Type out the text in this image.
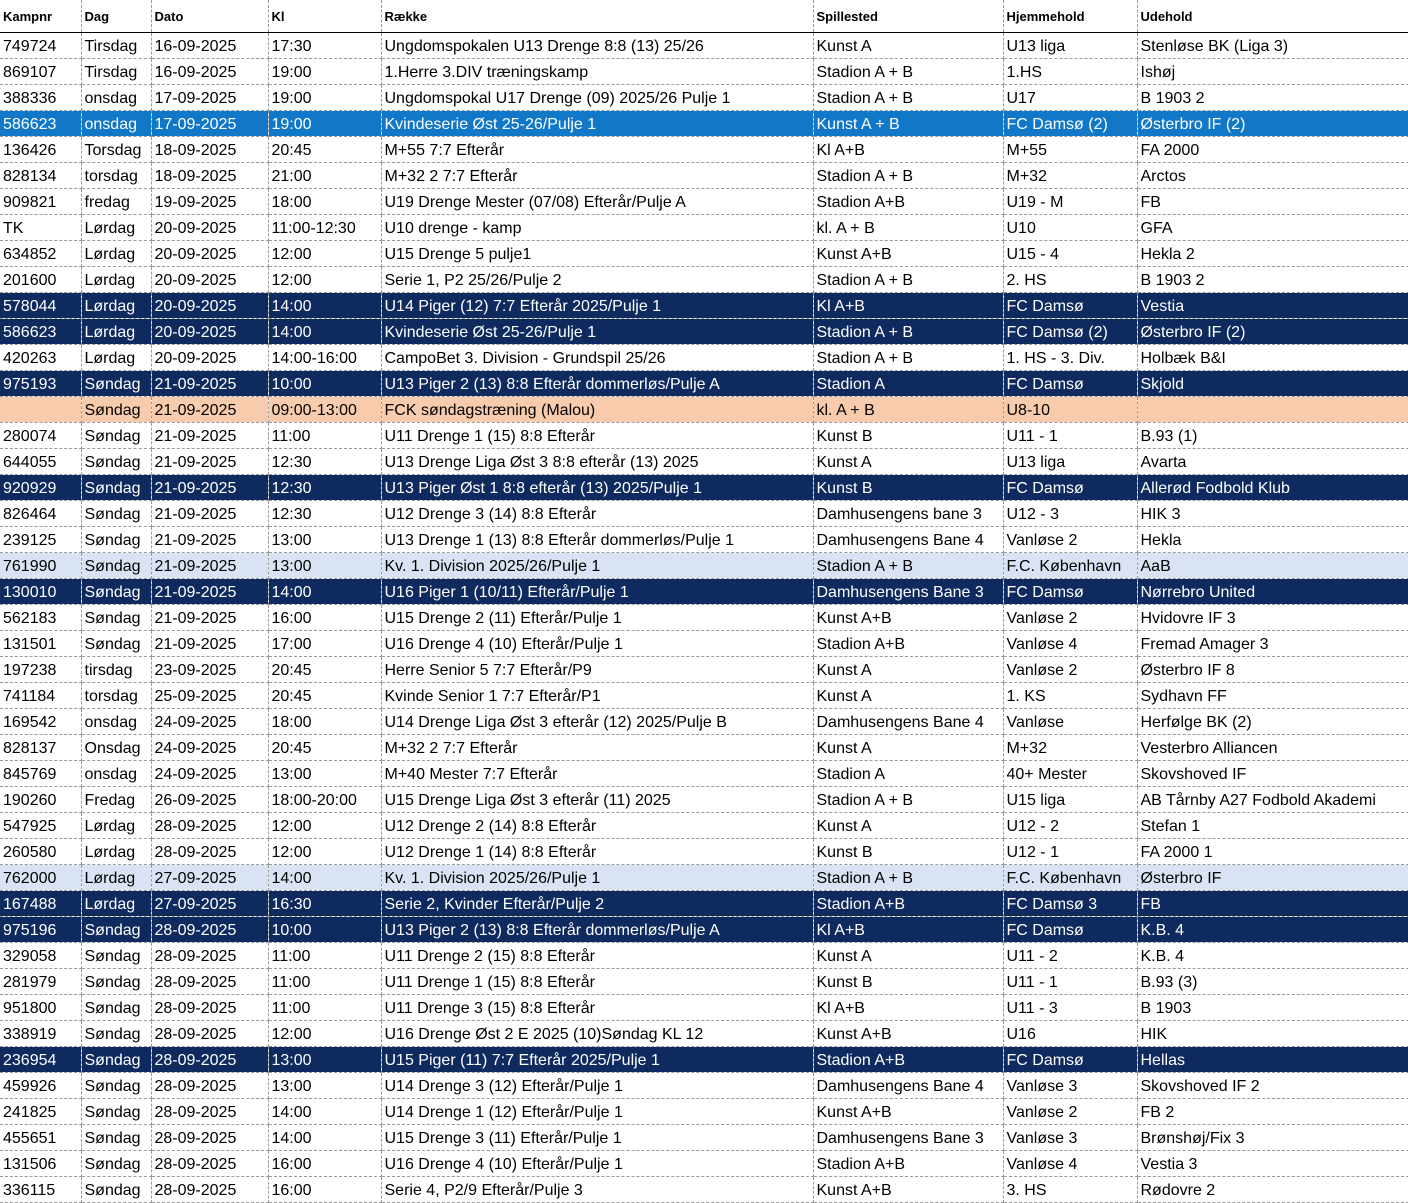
Kampnr	Dag	Dato	Kl	Række	Spillested	Hjemmehold	Udehold
749724	Tirsdag	16-09-2025	17:30	Ungdomspokalen U13 Drenge 8:8 (13) 25/26	Kunst A	U13 liga	Stenløse BK (Liga 3)
869107	Tirsdag	16-09-2025	19:00	1.Herre 3.DIV træningskamp	Stadion A + B	1.HS	Ishøj
388336	onsdag	17-09-2025	19:00	Ungdomspokal U17 Drenge (09) 2025/26 Pulje 1	Stadion A + B	U17	B 1903 2
586623	onsdag	17-09-2025	19:00	Kvindeserie Øst 25-26/Pulje 1	Kunst A + B	FC Damsø (2)	Østerbro IF (2)
136426	Torsdag	18-09-2025	20:45	M+55 7:7 Efterår	Kl A+B	M+55	FA 2000
828134	torsdag	18-09-2025	21:00	M+32 2 7:7 Efterår	Stadion A + B	M+32	Arctos
909821	fredag	19-09-2025	18:00	U19 Drenge Mester (07/08) Efterår/Pulje A	Stadion A+B	U19 - M	FB
TK	Lørdag	20-09-2025	11:00-12:30	U10 drenge - kamp	kl. A + B	U10	GFA
634852	Lørdag	20-09-2025	12:00	U15 Drenge 5 pulje1	Kunst A+B	U15 - 4	Hekla 2
201600	Lørdag	20-09-2025	12:00	Serie 1, P2 25/26/Pulje 2	Stadion A + B	2. HS	B 1903 2
578044	Lørdag	20-09-2025	14:00	U14 Piger (12) 7:7 Efterår 2025/Pulje 1	Kl A+B	FC Damsø	Vestia
586623	Lørdag	20-09-2025	14:00	Kvindeserie Øst 25-26/Pulje 1	Stadion A + B	FC Damsø (2)	Østerbro IF (2)
420263	Lørdag	20-09-2025	14:00-16:00	CampoBet 3. Division - Grundspil 25/26	Stadion A + B	1. HS - 3. Div.	Holbæk B&I
975193	Søndag	21-09-2025	10:00	U13 Piger 2 (13) 8:8 Efterår dommerløs/Pulje A	Stadion A	FC Damsø	Skjold
	Søndag	21-09-2025	09:00-13:00	FCK søndagstræning (Malou)	kl. A + B	U8-10	
280074	Søndag	21-09-2025	11:00	U11 Drenge 1 (15) 8:8 Efterår	Kunst B	U11 - 1	B.93 (1)
644055	Søndag	21-09-2025	12:30	U13 Drenge Liga Øst 3 8:8 efterår (13) 2025	Kunst A	U13 liga	Avarta
920929	Søndag	21-09-2025	12:30	U13 Piger Øst 1 8:8 efterår (13) 2025/Pulje 1	Kunst B	FC Damsø	Allerød Fodbold Klub
826464	Søndag	21-09-2025	12:30	U12 Drenge 3 (14) 8:8 Efterår	Damhusengens bane 3	U12 - 3	HIK 3
239125	Søndag	21-09-2025	13:00	U13 Drenge 1 (13) 8:8 Efterår dommerløs/Pulje 1	Damhusengens Bane 4	Vanløse 2	Hekla
761990	Søndag	21-09-2025	13:00	Kv. 1. Division 2025/26/Pulje 1	Stadion A + B	F.C. København	AaB
130010	Søndag	21-09-2025	14:00	U16 Piger 1 (10/11) Efterår/Pulje 1	Damhusengens Bane 3	FC Damsø	Nørrebro United
562183	Søndag	21-09-2025	16:00	U15 Drenge 2 (11) Efterår/Pulje 1	Kunst A+B	Vanløse 2	Hvidovre IF 3
131501	Søndag	21-09-2025	17:00	U16 Drenge 4 (10) Efterår/Pulje 1	Stadion A+B	Vanløse 4	Fremad Amager 3
197238	tirsdag	23-09-2025	20:45	Herre Senior 5 7:7 Efterår/P9	Kunst A	Vanløse 2	Østerbro IF 8
741184	torsdag	25-09-2025	20:45	Kvinde Senior 1 7:7 Efterår/P1	Kunst A	1. KS	Sydhavn FF
169542	onsdag	24-09-2025	18:00	U14 Drenge Liga Øst 3 efterår (12) 2025/Pulje B	Damhusengens Bane 4	Vanløse	Herfølge BK (2)
828137	Onsdag	24-09-2025	20:45	M+32 2 7:7 Efterår	Kunst A	M+32	Vesterbro Alliancen
845769	onsdag	24-09-2025	13:00	M+40 Mester 7:7 Efterår	Stadion A	40+ Mester	Skovshoved IF
190260	Fredag	26-09-2025	18:00-20:00	U15 Drenge Liga Øst 3 efterår (11) 2025	Stadion A + B	U15 liga	AB Tårnby A27 Fodbold Akademi
547925	Lørdag	28-09-2025	12:00	U12 Drenge 2 (14) 8:8 Efterår	Kunst A	U12 - 2	Stefan 1
260580	Lørdag	28-09-2025	12:00	U12 Drenge 1 (14) 8:8 Efterår	Kunst B	U12 - 1	FA 2000 1
762000	Lørdag	27-09-2025	14:00	Kv. 1. Division 2025/26/Pulje 1	Stadion A + B	F.C. København	Østerbro IF
167488	Lørdag	27-09-2025	16:30	Serie 2, Kvinder Efterår/Pulje 2	Stadion A+B	FC Damsø 3	FB
975196	Søndag	28-09-2025	10:00	U13 Piger 2 (13) 8:8 Efterår dommerløs/Pulje A	Kl A+B	FC Damsø	K.B. 4
329058	Søndag	28-09-2025	11:00	U11 Drenge 2 (15) 8:8 Efterår	Kunst A	U11 - 2	K.B. 4
281979	Søndag	28-09-2025	11:00	U11 Drenge 1 (15) 8:8 Efterår	Kunst B	U11 - 1	B.93 (3)
951800	Søndag	28-09-2025	11:00	U11 Drenge 3 (15) 8:8 Efterår	Kl A+B	U11 - 3	B 1903
338919	Søndag	28-09-2025	12:00	U16 Drenge Øst 2 E 2025 (10)Søndag KL 12	Kunst A+B	U16	HIK
236954	Søndag	28-09-2025	13:00	U15 Piger (11) 7:7 Efterår 2025/Pulje 1	Stadion A+B	FC Damsø	Hellas
459926	Søndag	28-09-2025	13:00	U14 Drenge 3 (12) Efterår/Pulje 1	Damhusengens Bane 4	Vanløse 3	Skovshoved IF 2
241825	Søndag	28-09-2025	14:00	U14 Drenge 1 (12) Efterår/Pulje 1	Kunst A+B	Vanløse 2	FB 2
455651	Søndag	28-09-2025	14:00	U15 Drenge 3 (11) Efterår/Pulje 1	Damhusengens Bane 3	Vanløse 3	Brønshøj/Fix 3
131506	Søndag	28-09-2025	16:00	U16 Drenge 4 (10) Efterår/Pulje 1	Stadion A+B	Vanløse 4	Vestia 3
336115	Søndag	28-09-2025	16:00	Serie 4, P2/9 Efterår/Pulje 3	Kunst A+B	3. HS	Rødovre 2
